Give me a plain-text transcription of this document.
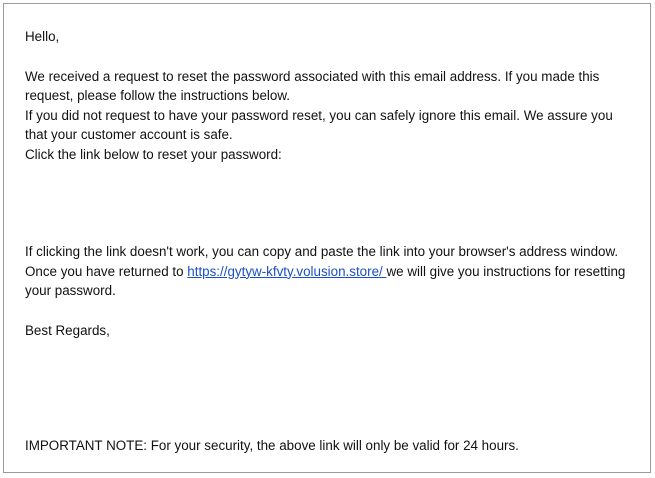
Hello,

We received a request to reset the password associated with this email address. If you made this request, please follow the instructions below.

If you did not request to have your password reset, you can safely ignore this email. We assure you that your customer account is safe.

Click the link below to reset your password:

If clicking the link doesn't work, you can copy and paste the link into your browser's address window.

Once you have returned to https://gytyw-kfvty.volusion.store/ we will give you instructions for resetting your password.

Best Regards,

IMPORTANT NOTE: For your security, the above link will only be valid for 24 hours.
